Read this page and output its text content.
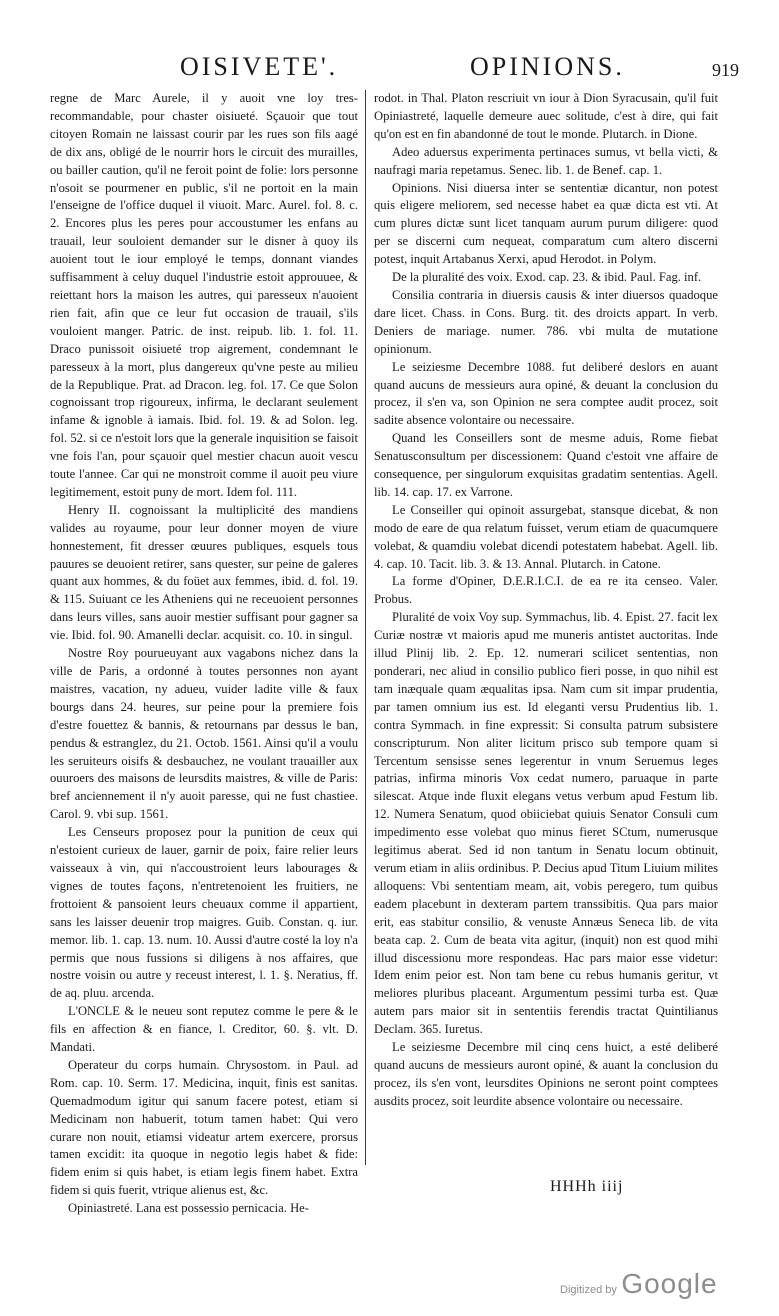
OISIVETE'.	OPINIONS.	919

regne de Marc Aurele, il y auoit vne loy tres-recommandable, pour chaster oisiueté. Sçauoir que tout citoyen Romain ne laissast courir par les rues son fils aagé de dix ans, obligé de le nourrir hors le circuit des murailles, ou bailler caution, qu'il ne feroit point de folie: lors personne n'osoit se pourmener en public, s'il ne portoit en la main l'enseigne de l'office duquel il viuoit. Marc. Aurel. fol. 8. c. 2. Encores plus les peres pour accoustumer les enfans au trauail, leur souloient demander sur le disner à quoy ils auoient tout le iour employé le temps, donnant viandes suffisamment à celuy duquel l'industrie estoit approuuee, & reiettant hors la maison les autres, qui paresseux n'auoient rien fait, afin que ce leur fut occasion de trauail, s'ils vouloient manger. Patric. de inst. reipub. lib. 1. fol. 11. Draco punissoit oisiueté trop aigrement, condemnant le paresseux à la mort, plus dangereux qu'vne peste au milieu de la Republique. Prat. ad Dracon. leg. fol. 17. Ce que Solon cognoissant trop rigoureux, infirma, le declarant seulement infame & ignoble à iamais. Ibid. fol. 19. & ad Solon. leg. fol. 52. si ce n'estoit lors que la generale inquisition se faisoit vne fois l'an, pour sçauoir quel mestier chacun auoit vescu toute l'annee. Car qui ne monstroit comme il auoit peu viure legitimement, estoit puny de mort. Idem fol. 111.

Henry II. cognoissant la multiplicité des mandiens valides au royaume, pour leur donner moyen de viure honnestement, fit dresser œuures publiques, esquels tous pauures se deuoient retirer, sans quester, sur peine de galeres quant aux hommes, & du foüet aux femmes, ibid. d. fol. 19. & 115. Suiuant ce les Atheniens qui ne receuoient personnes dans leurs villes, sans auoir mestier suffisant pour gagner sa vie. Ibid. fol. 90. Amanelli declar. acquisit. co. 10. in singul.

Nostre Roy pourueuyant aux vagabons nichez dans la ville de Paris, a ordonné à toutes personnes non ayant maistres, vacation, ny adueu, vuider ladite ville & faux bourgs dans 24. heures, sur peine pour la premiere fois d'estre fouettez & bannis, & retournans par dessus le ban, pendus & estranglez, du 21. Octob. 1561. Ainsi qu'il a voulu les seruiteurs oisifs & desbauchez, ne voulant trauailler aux ouuroers des maisons de leursdits maistres, & ville de Paris: bref anciennement il n'y auoit paresse, qui ne fust chastiee. Carol. 9. vbi sup. 1561.

Les Censeurs proposez pour la punition de ceux qui n'estoient curieux de lauer, garnir de poix, faire relier leurs vaisseaux à vin, qui n'accoustroient leurs labourages & vignes de toutes façons, n'entretenoient les fruitiers, ne frottoient & pansoient leurs cheuaux comme il appartient, sans les laisser deuenir trop maigres. Guib. Constan. q. iur. memor. lib. 1. cap. 13. num. 10. Aussi d'autre costé la loy n'a permis que nous fussions si diligens à nos affaires, que nostre voisin ou autre y receust interest, l. 1. §. Neratius, ff. de aq. pluu. arcenda.

L'ONCLE & le neueu sont reputez comme le pere & le fils en affection & en fiance, l. Creditor, 60. §. vlt. D. Mandati.

Operateur du corps humain. Chrysostom. in Paul. ad Rom. cap. 10. Serm. 17. Medicina, inquit, finis est sanitas. Quemadmodum igitur qui sanum facere potest, etiam si Medicinam non habuerit, totum tamen habet: Qui vero curare non nouit, etiamsi videatur artem exercere, prorsus tamen excidit: ita quoque in negotio legis habet & fide: fidem enim si quis habet, is etiam legis finem habet. Extra fidem si quis fuerit, vtrique alienus est, &c.

Opiniastreté. Lana est possessio pernicacia. He-

rodot. in Thal. Platon rescriuit vn iour à Dion Syracusain, qu'il fuit Opiniastreté, laquelle demeure auec solitude, c'est à dire, qui fait qu'on est en fin abandonné de tout le monde. Plutarch. in Dione.

Adeo aduersus experimenta pertinaces sumus, vt bella victi, & naufragi maria repetamus. Senec. lib. 1. de Benef. cap. 1.

Opinions. Nisi diuersa inter se sententiæ dicantur, non potest quis eligere meliorem, sed necesse habet ea quæ dicta est vti. At cum plures dictæ sunt licet tanquam aurum purum diligere: quod per se discerni cum nequeat, comparatum cum altero discerni potest, inquit Artabanus Xerxi, apud Herodot. in Polym.

De la pluralité des voix. Exod. cap. 23. & ibid. Paul. Fag. inf.

Consilia contraria in diuersis causis & inter diuersos quadoque dare licet. Chass. in Cons. Burg. tit. des droicts appart. In verb. Deniers de mariage. numer. 786. vbi multa de mutatione opinionum.

Le seiziesme Decembre 1088. fut deliberé deslors en auant quand aucuns de messieurs aura opiné, & deuant la conclusion du procez, il s'en va, son Opinion ne sera comptee audit procez, soit sadite absence volontaire ou necessaire.

Quand les Conseillers sont de mesme aduis, Rome fiebat Senatusconsultum per discessionem: Quand c'estoit vne affaire de consequence, per singulorum exquisitas gradatim sententias. Agell. lib. 14. cap. 17. ex Varrone.

Le Conseiller qui opinoit assurgebat, stansque dicebat, & non modo de eare de qua relatum fuisset, verum etiam de quacumquere volebat, & quamdiu volebat dicendi potestatem habebat. Agell. lib. 4. cap. 10. Tacit. lib. 3. & 13. Annal. Plutarch. in Catone.

La forme d'Opiner, D.E.R.I.C.I. de ea re ita censeo. Valer. Probus.

Pluralité de voix Voy sup. Symmachus, lib. 4. Epist. 27. facit lex Curiæ nostræ vt maioris apud me muneris antistet auctoritas. Inde illud Plinij lib. 2. Ep. 12. numerari scilicet sententias, non ponderari, nec aliud in consilio publico fieri posse, in quo nihil est tam inæquale quam æqualitas ipsa. Nam cum sit impar prudentia, par tamen omnium ius est. Id eleganti versu Prudentius lib. 1. contra Symmach. in fine expressit: Si consulta patrum subsistere conscripturum. Non aliter licitum prisco sub tempore quam si Tercentum sensisse senes legerentur in vnum Seruemus leges patrias, infirma minoris Vox cedat numero, paruaque in parte silescat. Atque inde fluxit elegans vetus verbum apud Festum lib. 12. Numera Senatum, quod obiiciebat quiuis Senator Consuli cum impedimento esse volebat quo minus fieret SCtum, numerusque legitimus aberat. Sed id non tantum in Senatu locum obtinuit, verum etiam in aliis ordinibus. P. Decius apud Titum Liuium milites alloquens: Vbi sententiam meam, ait, vobis peregero, tum quibus eadem placebunt in dexteram partem transsibitis. Qua pars maior erit, eas stabitur consilio, & venuste Annæus Seneca lib. de vita beata cap. 2. Cum de beata vita agitur, (inquit) non est quod mihi illud discessionu more respondeas. Hac pars maior esse videtur: Idem enim peior est. Non tam bene cu rebus humanis geritur, vt meliores pluribus placeant. Argumentum pessimi turba est. Quæ autem pars maior sit in sententiis ferendis tractat Quintilianus Declam. 365. Iuretus.

Le seiziesme Decembre mil cinq cens huict, a esté deliberé quand aucuns de messieurs auront opiné, & auant la conclusion du procez, ils s'en vont, leursdites Opinions ne seront point comptees ausdits procez, soit leurdite absence volontaire ou necessaire.

HHHh iiij
Digitized by Google
